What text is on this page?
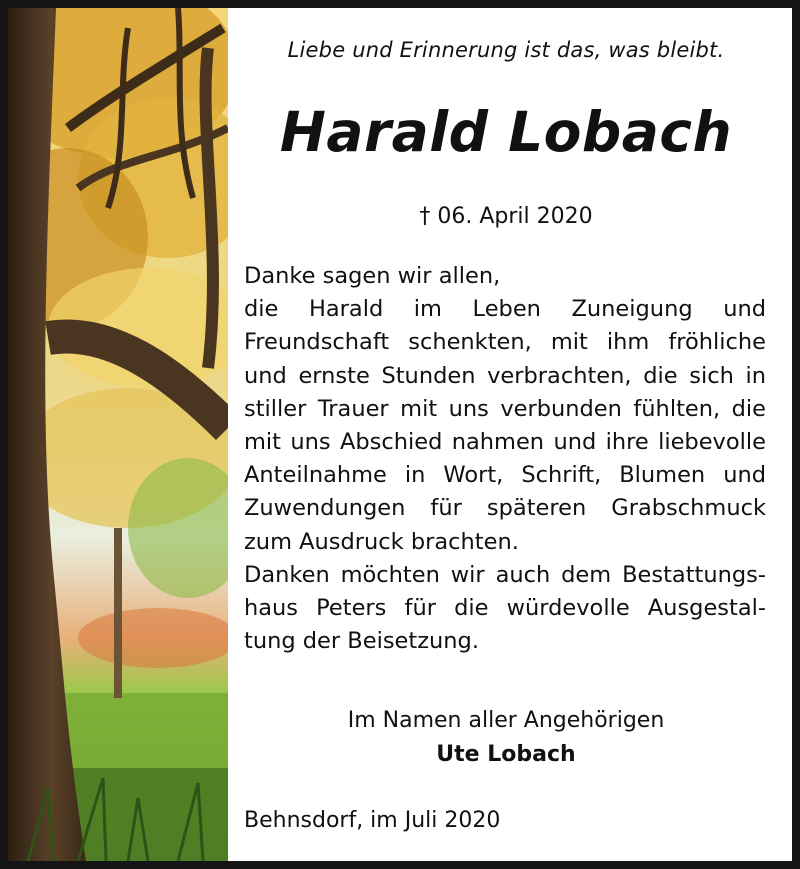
Liebe und Erinnerung ist das, was bleibt.
Harald Lobach
† 06. April 2020
Danke sagen wir allen,
die Harald im Leben Zuneigung und
Freundschaft schenkten, mit ihm fröhliche
und ernste Stunden verbrachten, die sich in
stiller Trauer mit uns verbunden fühlten, die
mit uns Abschied nahmen und ihre liebevolle
Anteilnahme in Wort, Schrift, Blumen und
Zuwendungen für späteren Grabschmuck
zum Ausdruck brachten.
Danken möchten wir auch dem Bestattungs-
haus Peters für die würdevolle Ausgestal-
tung der Beisetzung.
Im Namen aller Angehörigen
Ute Lobach
Behnsdorf, im Juli 2020
